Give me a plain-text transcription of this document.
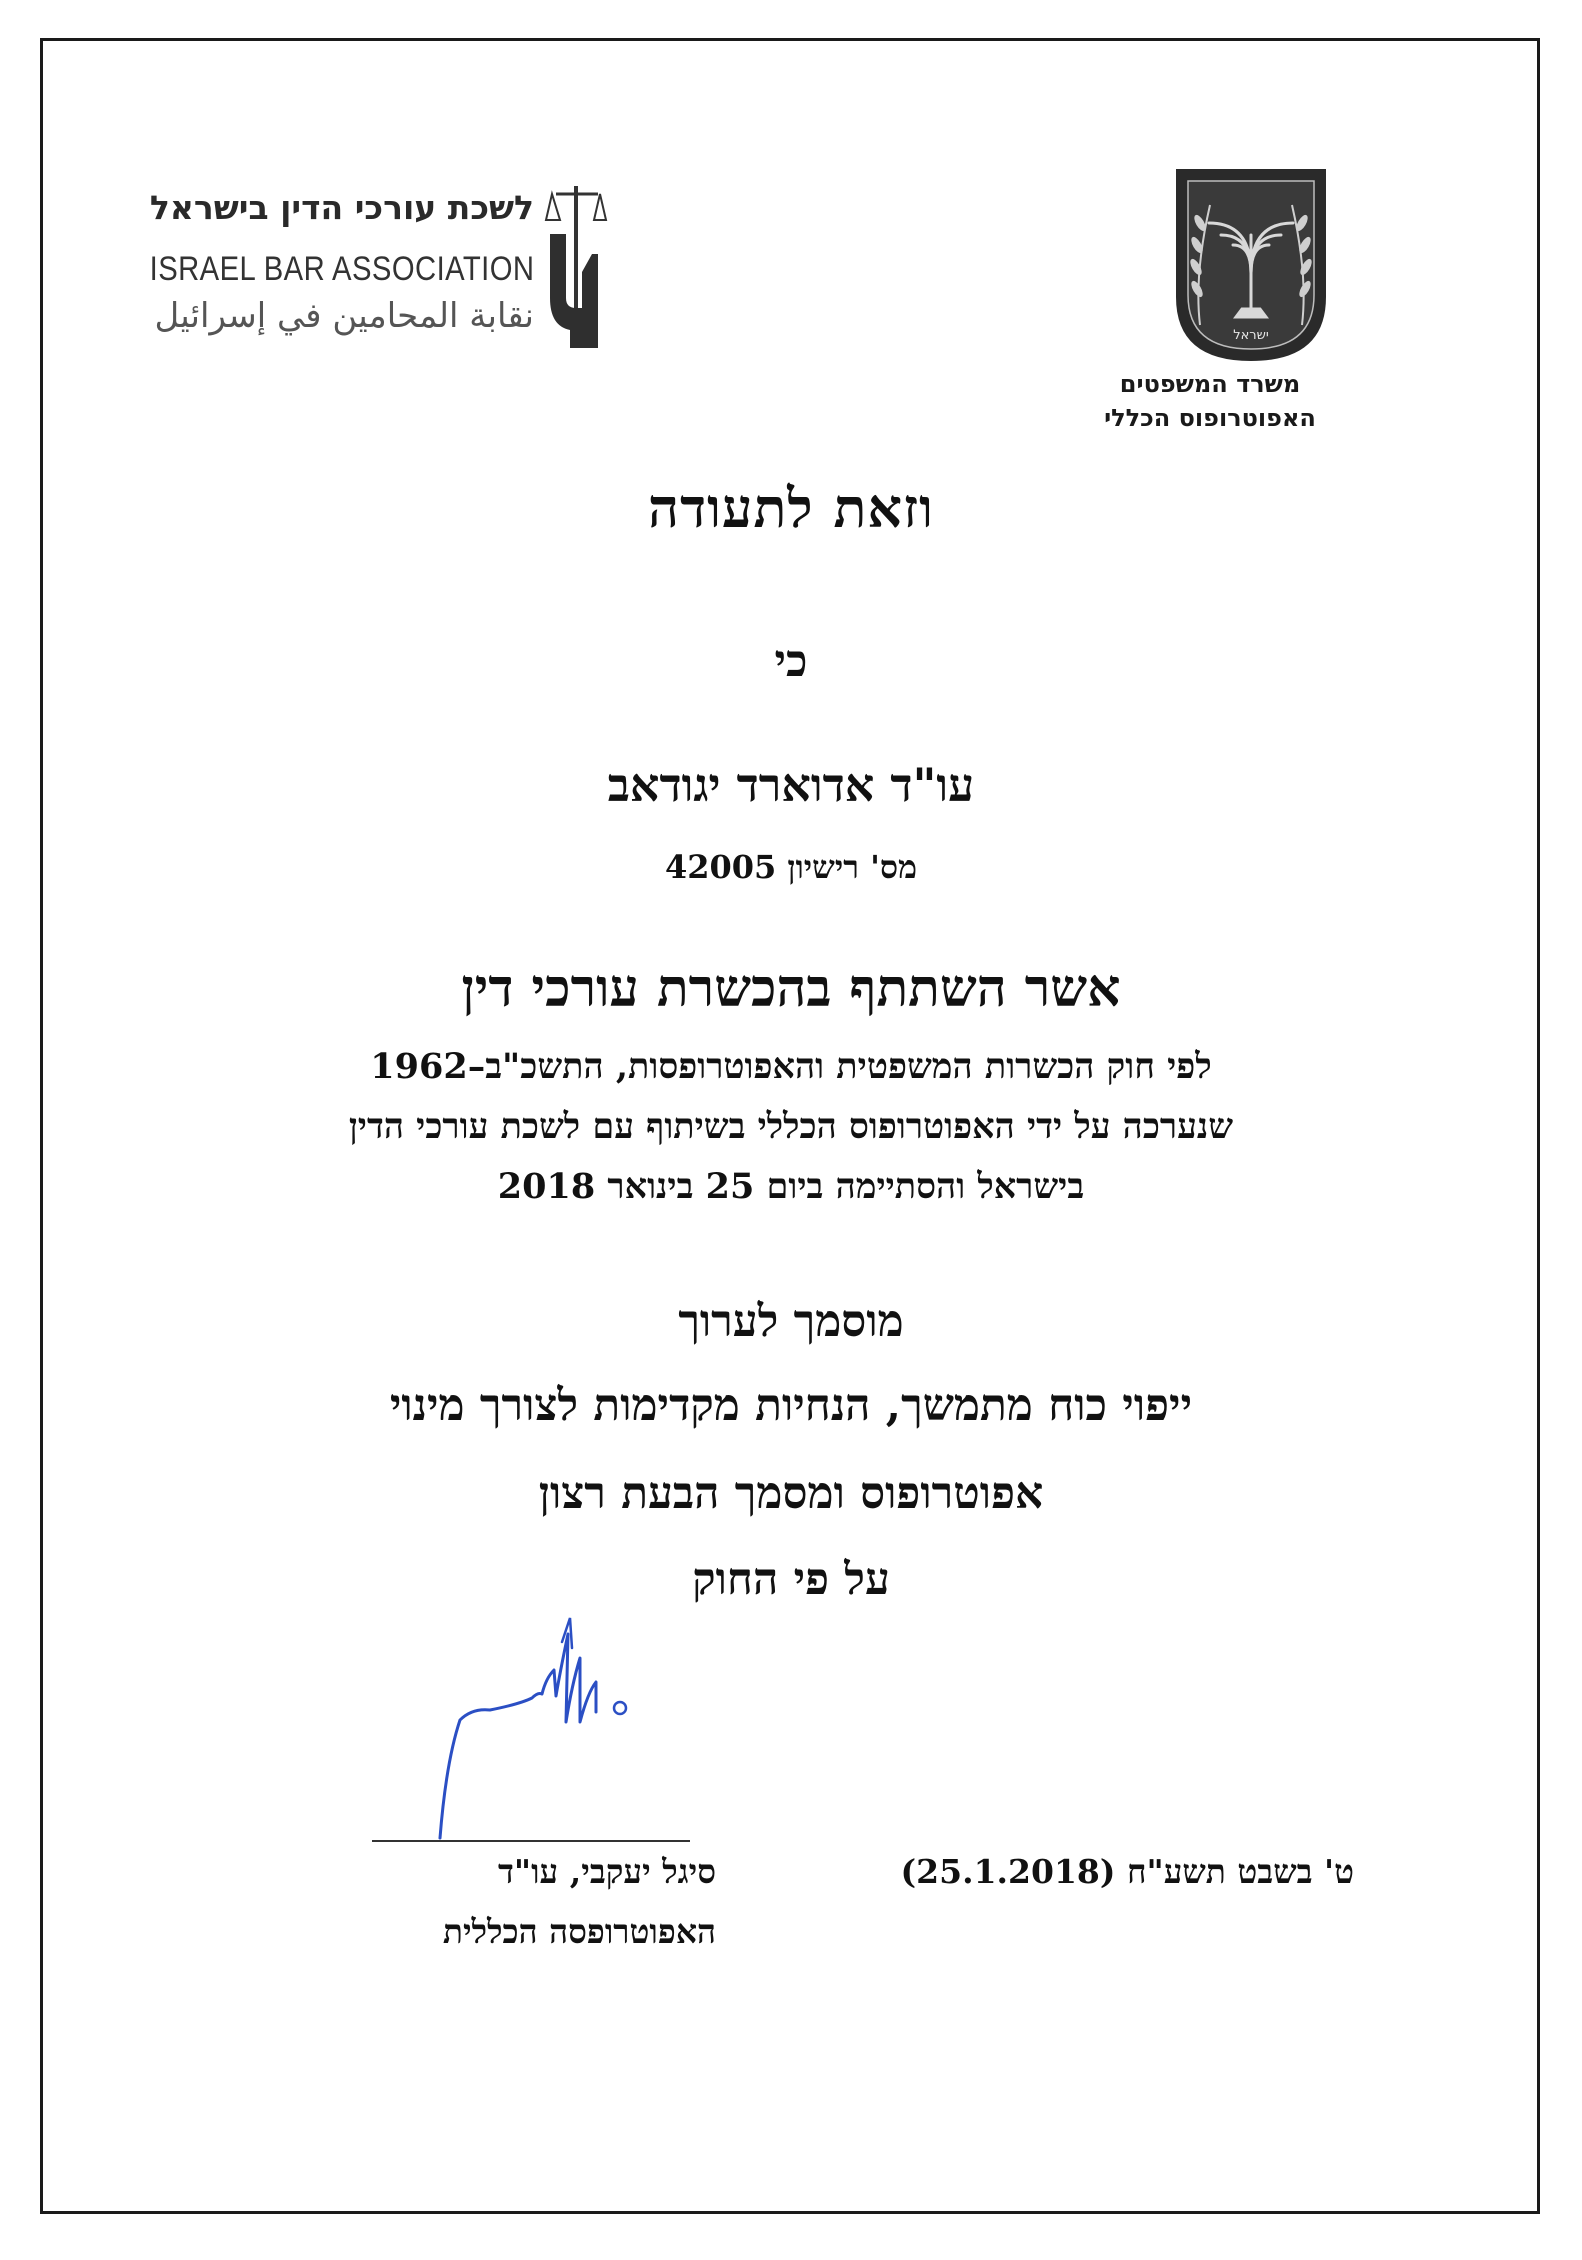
לשכת עורכי הדין בישראל
ISRAEL BAR ASSOCIATION
نقابة المحامين في إسرائيل	ישראל
משרד המשפטים
האפוטרופוס הכללי
וזאת לתעודה
כי
עו"ד אדוארד יגודאב
מס' רישיון 42005
אשר השתתף בהכשרת עורכי דין
לפי חוק הכשרות המשפטית והאפוטרופסות, התשכ"ב–1962
שנערכה על ידי האפוטרופוס הכללי בשיתוף עם לשכת עורכי הדין
בישראל והסתיימה ביום 25 בינואר 2018
מוסמך לערוך
ייפוי כוח מתמשך, הנחיות מקדימות לצורך מינוי
אפוטרופוס ומסמך הבעת רצון
על פי החוק
סיגל יעקבי, עו"ד
האפוטרופסה הכללית
ט' בשבט תשע"ח (25.1.2018)
